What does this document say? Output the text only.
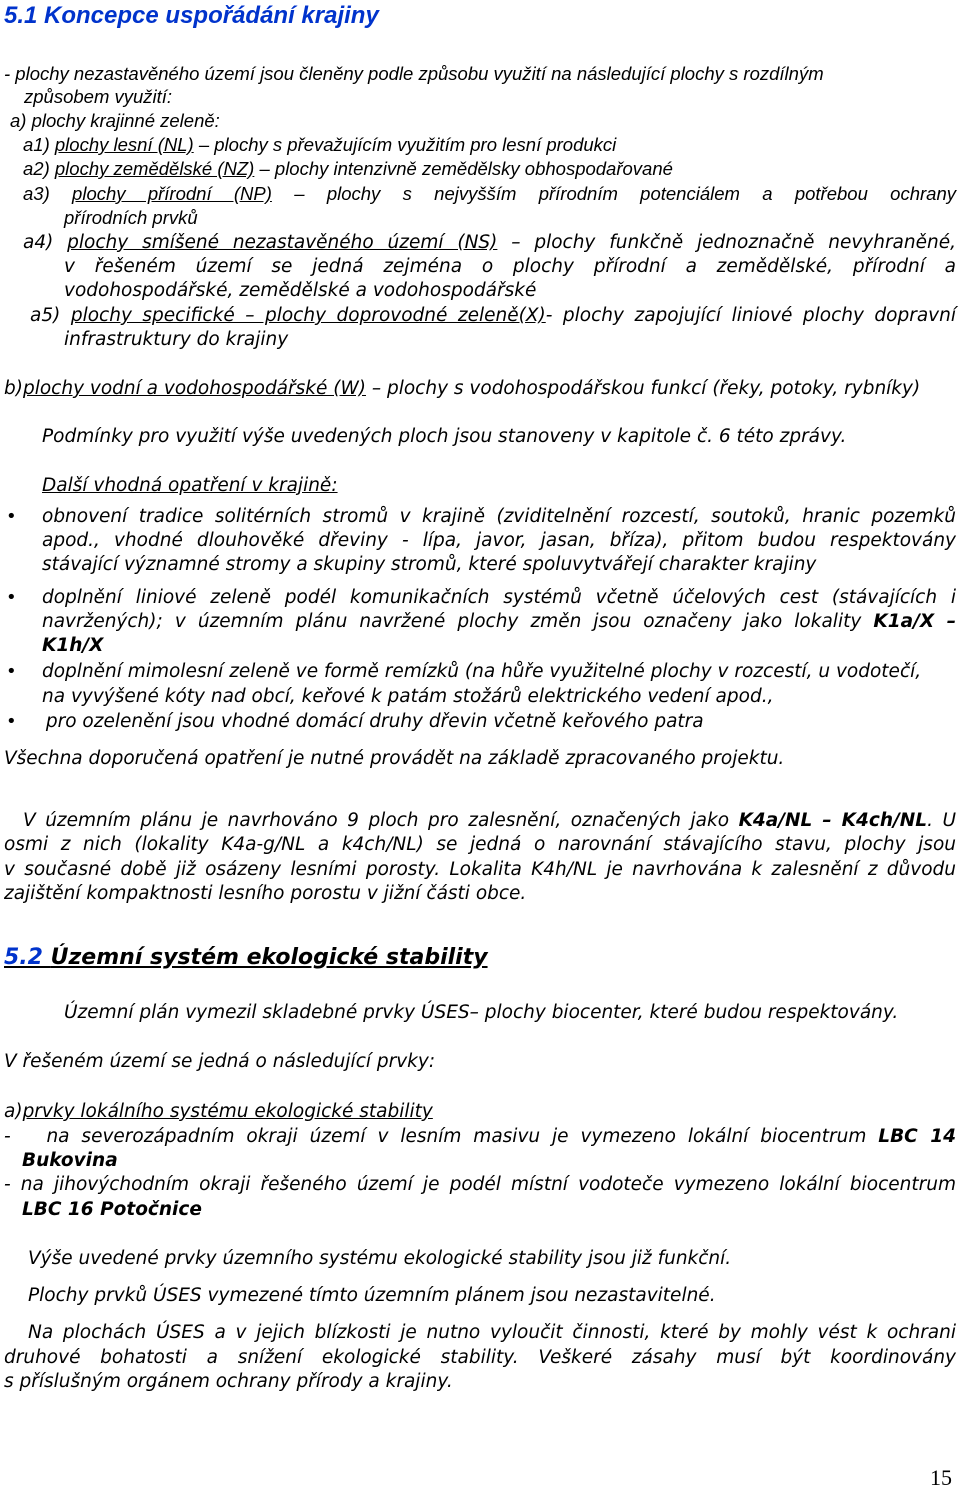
5.1 Koncepce uspořádání krajiny
- plochy nezastavěného území jsou členěny podle způsobu využití na následující plochy s rozdílným
způsobem využití:
a) plochy krajinné zeleně:
a1) plochy lesní (NL) – plochy s převažujícím využitím pro lesní produkci
a2) plochy zemědělské (NZ) – plochy intenzivně zemědělsky obhospodařované
a3) plochy přírodní (NP) – plochy s nejvyšším přírodním potenciálem a potřebou ochrany
přírodních prvků
a4) plochy smíšené nezastavěného území (NS) – plochy funkčně jednoznačně nevyhraněné,
v řešeném území se jedná zejména o plochy přírodní a zemědělské, přírodní a
vodohospodářské, zemědělské a vodohospodářské
a5) plochy specifické – plochy doprovodné zeleně(X)- plochy zapojující liniové plochy dopravní
infrastruktury do krajiny
b)plochy vodní a vodohospodářské (W) – plochy s vodohospodářskou funkcí (řeky, potoky, rybníky)
Podmínky pro využití výše uvedených ploch jsou stanoveny v kapitole č. 6 této zprávy.
Další vhodná opatření v krajině:
• obnovení tradice solitérních stromů v krajině (zviditelnění rozcestí, soutoků, hranic pozemků
apod., vhodné dlouhověké dřeviny - lípa, javor, jasan, bříza), přitom budou respektovány
stávající významné stromy a skupiny stromů, které spoluvytvářejí charakter krajiny
• doplnění liniové zeleně podél komunikačních systémů včetně účelových cest (stávajících i
navržených); v územním plánu navržené plochy změn jsou označeny jako lokality K1a/X –
K1h/X
• doplnění mimolesní zeleně ve formě remízků (na hůře využitelné plochy v rozcestí, u vodotečí,
na vyvýšené kóty nad obcí, keřové k patám stožárů elektrického vedení apod.,
• pro ozelenění jsou vhodné domácí druhy dřevin včetně keřového patra
Všechna doporučená opatření je nutné provádět na základě zpracovaného projektu.
V územním plánu je navrhováno 9 ploch pro zalesnění, označených jako K4a/NL – K4ch/NL. U
osmi z nich (lokality K4a-g/NL a k4ch/NL) se jedná o narovnání stávajícího stavu, plochy jsou
v současné době již osázeny lesními porosty. Lokalita K4h/NL je navrhována k zalesnění z důvodu
zajištění kompaktnosti lesního porostu v jižní části obce.
5.2 Územní systém ekologické stability
Územní plán vymezil skladebné prvky ÚSES– plochy biocenter, které budou respektovány.
V řešeném území se jedná o následující prvky:
a)prvky lokálního systému ekologické stability
-   na severozápadním okraji území v lesním masivu je vymezeno lokální biocentrum LBC 14
Bukovina
- na jihovýchodním okraji řešeného území je podél místní vodoteče vymezeno lokální biocentrum
LBC 16 Potočnice
Výše uvedené prvky územního systému ekologické stability jsou již funkční.
Plochy prvků ÚSES vymezené tímto územním plánem jsou nezastavitelné.
Na plochách ÚSES a v jejich blízkosti je nutno vyloučit činnosti, které by mohly vést k ochrani
druhové bohatosti a snížení ekologické stability. Veškeré zásahy musí být koordinovány
s příslušným orgánem ochrany přírody a krajiny.
15
